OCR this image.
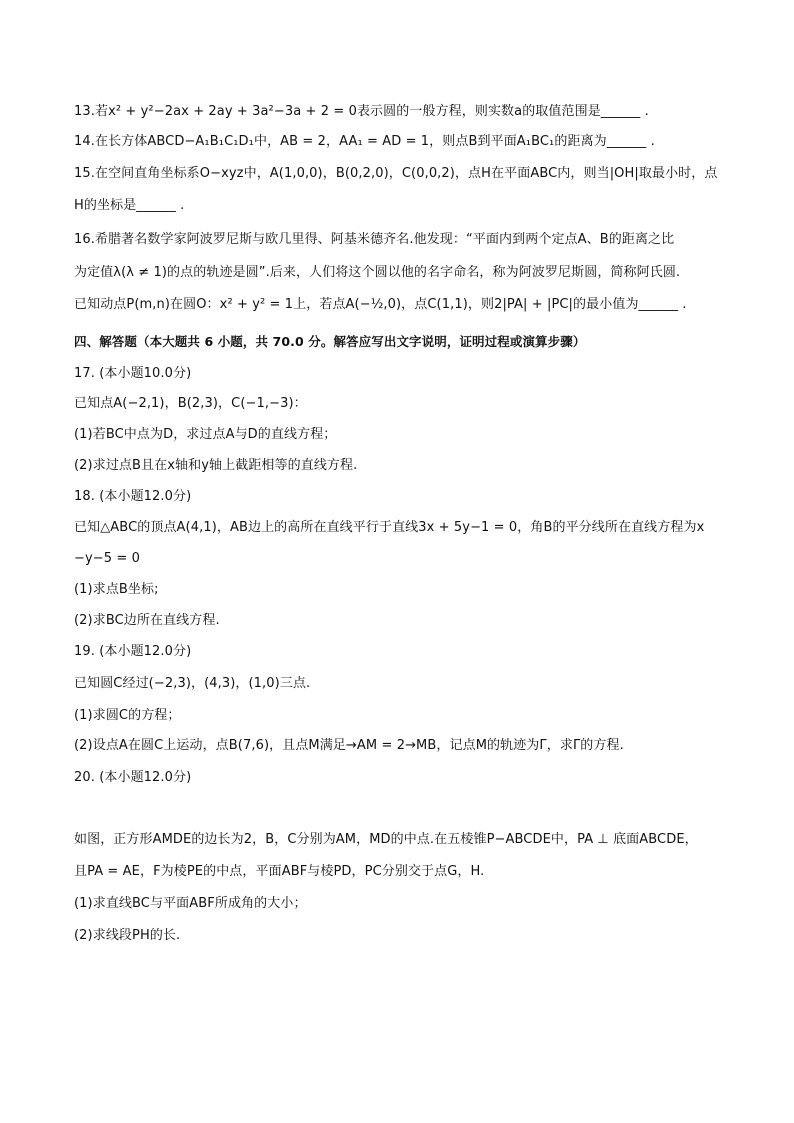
13.若x² + y²−2ax + 2ay + 3a²−3a + 2 = 0表示圆的一般方程，则实数a的取值范围是______ .
14.在长方体ABCD−A₁B₁C₁D₁中，AB = 2，AA₁ = AD = 1，则点B到平面A₁BC₁的距离为______ .
15.在空间直角坐标系O−xyz中，A(1,0,0)，B(0,2,0)，C(0,0,2)，点H在平面ABC内，则当|OH|取最小时，点
H的坐标是______ .
16.希腊著名数学家阿波罗尼斯与欧几里得、阿基米德齐名.他发现：“平面内到两个定点A、B的距离之比
为定值λ(λ ≠ 1)的点的轨迹是圆”.后来，人们将这个圆以他的名字命名，称为阿波罗尼斯圆，简称阿氏圆.
已知动点P(m,n)在圆O：x² + y² = 1上，若点A(−½,0)，点C(1,1)，则2|PA| + |PC|的最小值为______ .
四、解答题（本大题共 6 小题，共 70.0 分。解答应写出文字说明，证明过程或演算步骤）
17. (本小题10.0分)
已知点A(−2,1)，B(2,3)，C(−1,−3)：
(1)若BC中点为D，求过点A与D的直线方程；
(2)求过点B且在x轴和y轴上截距相等的直线方程.
18. (本小题12.0分)
已知△ABC的顶点A(4,1)，AB边上的高所在直线平行于直线3x + 5y−1 = 0，角B的平分线所在直线方程为x
−y−5 = 0
(1)求点B坐标;
(2)求BC边所在直线方程.
19. (本小题12.0分)
已知圆C经过(−2,3)，(4,3)，(1,0)三点.
(1)求圆C的方程；
(2)设点A在圆C上运动，点B(7,6)，且点M满足→AM = 2→MB，记点M的轨迹为Γ，求Γ的方程.
20. (本小题12.0分)
如图，正方形AMDE的边长为2，B，C分别为AM，MD的中点.在五棱锥P−ABCDE中，PA ⊥ 底面ABCDE，
且PA = AE，F为棱PE的中点，平面ABF与棱PD，PC分别交于点G，H.
(1)求直线BC与平面ABF所成角的大小；
(2)求线段PH的长.
